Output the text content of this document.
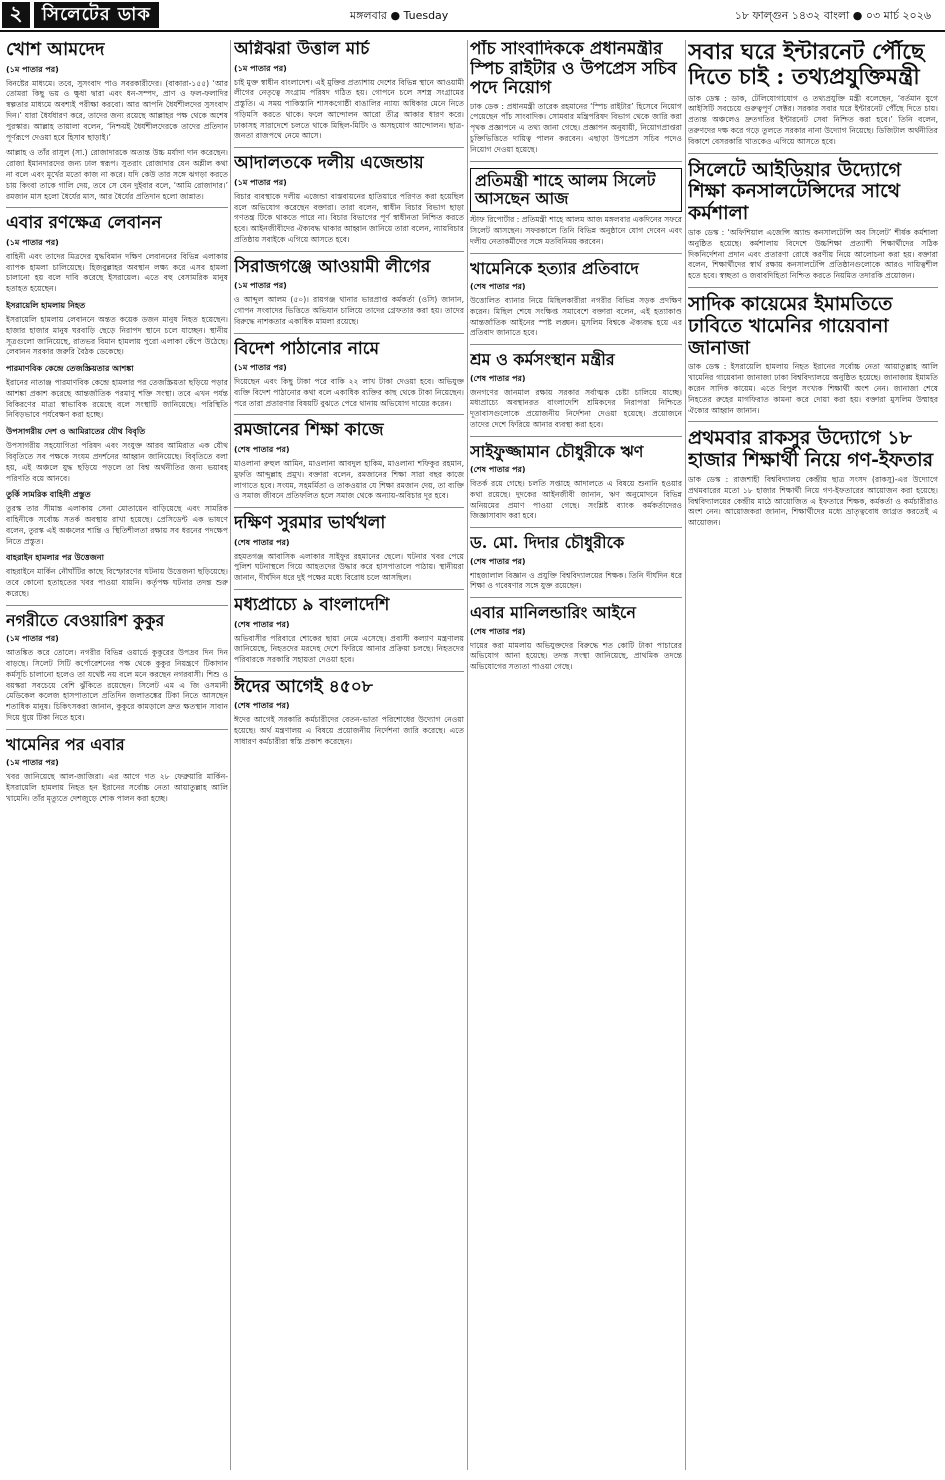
২	সিলেটের ডাক	মঙ্গলবার ● Tuesday	১৮ ফাল্গুন ১৪৩২ বাংলা ● ০৩ মার্চ ২০২৬
খোশ আমদেদ
(১ম পাতার পর)

বিনষ্টের মাধ্যমে। তবে, সুসংবাদ পাও সবরকারীদের। (বাকারা-১৫৫) ‘আর তোমরা কিছু ভয় ও ক্ষুধা দ্বারা এবং ধন-সম্পদ, প্রাণ ও ফল-ফলাদির স্বল্পতার মাধ্যমে অবশ্যই পরীক্ষা করবো। আর আপনি ধৈর্যশীলদের সুসংবাদ দিন।’ যারা ধৈর্যধারণ করে, তাদের জন্য রয়েছে আল্লাহর পক্ষ থেকে অশেষ পুরস্কার। আল্লাহ তায়ালা বলেন, ‘নিশ্চয়ই ধৈর্যশীলদেরকে তাদের প্রতিদান পূর্ণরূপে দেওয়া হবে হিসাব ছাড়াই।’

আল্লাহ ও তাঁর রাসুল (সা.) রোজাদারকে অত্যন্ত উচ্চ মর্যাদা দান করেছেন। রোজা ইমানদারদের জন্য ঢাল স্বরূপ। সুতরাং রোজাদার যেন অশ্লীল কথা না বলে এবং মূর্খের মতো কাজ না করে। যদি কেউ তার সঙ্গে ঝগড়া করতে চায় কিংবা তাকে গালি দেয়, তবে সে যেন দুইবার বলে, ‘আমি রোজাদার।’ রমজান মাস হলো ধৈর্যের মাস, আর ধৈর্যের প্রতিদান হলো জান্নাত।

এবার রণক্ষেত্র লেবানন
(১ম পাতার পর)

বাহিনী এবং তাদের মিত্রদের যুদ্ধবিমান দক্ষিণ লেবাননের বিভিন্ন এলাকায় ব্যাপক হামলা চালিয়েছে। হিজবুল্লাহর অবস্থান লক্ষ্য করে এসব হামলা চালানো হয় বলে দাবি করেছে ইসরায়েল। এতে বহু বেসামরিক মানুষ হতাহত হয়েছেন।

ইসরায়েলি হামলায় নিহত

ইসরায়েলি হামলায় লেবাননে অন্তত কয়েক ডজন মানুষ নিহত হয়েছেন। হাজার হাজার মানুষ ঘরবাড়ি ছেড়ে নিরাপদ স্থানে চলে যাচ্ছেন। স্থানীয় সূত্রগুলো জানিয়েছে, রাতভর বিমান হামলায় পুরো এলাকা কেঁপে উঠেছে। লেবানন সরকার জরুরি বৈঠক ডেকেছে।

পারমাণবিক কেন্দ্রে তেজস্ক্রিয়তার আশঙ্কা

ইরানের নাতাঞ্জ পারমাণবিক কেন্দ্রে হামলার পর তেজস্ক্রিয়তা ছড়িয়ে পড়ার আশঙ্কা প্রকাশ করেছে আন্তর্জাতিক পরমাণু শক্তি সংস্থা। তবে এখন পর্যন্ত বিকিরণের মাত্রা স্বাভাবিক রয়েছে বলে সংস্থাটি জানিয়েছে। পরিস্থিতি নিবিড়ভাবে পর্যবেক্ষণ করা হচ্ছে।

উপসাগরীয় দেশ ও আমিরাতের যৌথ বিবৃতি

উপসাগরীয় সহযোগিতা পরিষদ এবং সংযুক্ত আরব আমিরাত এক যৌথ বিবৃতিতে সব পক্ষকে সংযম প্রদর্শনের আহ্বান জানিয়েছে। বিবৃতিতে বলা হয়, এই অঞ্চলে যুদ্ধ ছড়িয়ে পড়লে তা বিশ্ব অর্থনীতির জন্য ভয়াবহ পরিণতি বয়ে আনবে।

তুর্কি সামরিক বাহিনী প্রস্তুত

তুরস্ক তার সীমান্ত এলাকায় সেনা মোতায়েন বাড়িয়েছে এবং সামরিক বাহিনীকে সর্বোচ্চ সতর্ক অবস্থায় রাখা হয়েছে। প্রেসিডেন্ট এক ভাষণে বলেন, তুরস্ক এই অঞ্চলের শান্তি ও স্থিতিশীলতা রক্ষায় সব ধরনের পদক্ষেপ নিতে প্রস্তুত।

বাহরাইন হামলার পর উত্তেজনা

বাহরাইনে মার্কিন নৌঘাঁটির কাছে বিস্ফোরণের ঘটনায় উত্তেজনা ছড়িয়েছে। তবে কোনো হতাহতের খবর পাওয়া যায়নি। কর্তৃপক্ষ ঘটনার তদন্ত শুরু করেছে।

নগরীতে বেওয়ারিশ কুকুর
(১ম পাতার পর)

আতঙ্কিত করে তোলে। নগরীর বিভিন্ন ওয়ার্ডে কুকুরের উপদ্রব দিন দিন বাড়ছে। সিলেট সিটি কর্পোরেশনের পক্ষ থেকে কুকুর নিয়ন্ত্রণে টিকাদান কর্মসূচি চালানো হলেও তা যথেষ্ট নয় বলে মনে করছেন নগরবাসী। শিশু ও বয়স্করা সবচেয়ে বেশি ঝুঁকিতে রয়েছেন। সিলেট এম এ জি ওসমানী মেডিকেল কলেজ হাসপাতালে প্রতিদিন জলাতঙ্কের টিকা নিতে আসছেন শতাধিক মানুষ। চিকিৎসকরা জানান, কুকুরে কামড়ালে দ্রুত ক্ষতস্থান সাবান দিয়ে ধুয়ে টিকা নিতে হবে।

খামেনির পর এবার
(১ম পাতার পর)

খবর জানিয়েছে আল-জাজিরা। এর আগে গত ২৮ ফেব্রুয়ারি মার্কিন-ইসরায়েলি হামলায় নিহত হন ইরানের সর্বোচ্চ নেতা আয়াতুল্লাহ আলি খামেনি। তাঁর মৃত্যুতে দেশজুড়ে শোক পালন করা হচ্ছে।

অগ্নিঝরা উত্তাল মার্চ
(১ম পাতার পর)

চাই মুক্ত স্বাধীন বাংলাদেশ। এই মুক্তির প্রত্যাশায় দেশের বিভিন্ন স্থানে আওয়ামী লীগের নেতৃত্বে সংগ্রাম পরিষদ গঠিত হয়। গোপনে চলে সশস্ত্র সংগ্রামের প্রস্তুতি। এ সময় পাকিস্তানি শাসকগোষ্ঠী বাঙালির ন্যায্য অধিকার মেনে নিতে গড়িমসি করতে থাকে। ফলে আন্দোলন আরো তীব্র আকার ধারণ করে। ঢাকাসহ সারাদেশে চলতে থাকে মিছিল-মিটিং ও অসহযোগ আন্দোলন। ছাত্র-জনতা রাজপথে নেমে আসে।

আদালতকে দলীয় এজেন্ডায়
(১ম পাতার পর)

বিচার ব্যবস্থাকে দলীয় এজেন্ডা বাস্তবায়নের হাতিয়ারে পরিণত করা হয়েছিল বলে অভিযোগ করেছেন বক্তারা। তারা বলেন, স্বাধীন বিচার বিভাগ ছাড়া গণতন্ত্র টিকে থাকতে পারে না। বিচার বিভাগের পূর্ণ স্বাধীনতা নিশ্চিত করতে হবে। আইনজীবীদের ঐক্যবদ্ধ থাকার আহ্বান জানিয়ে তারা বলেন, ন্যায়বিচার প্রতিষ্ঠায় সবাইকে এগিয়ে আসতে হবে।

সিরাজগঞ্জে আওয়ামী লীগের
(১ম পাতার পর)

ও আব্দুল আলম (৫০)। রায়গঞ্জ থানার ভারপ্রাপ্ত কর্মকর্তা (ওসি) জানান, গোপন সংবাদের ভিত্তিতে অভিযান চালিয়ে তাদের গ্রেফতার করা হয়। তাদের বিরুদ্ধে নাশকতার একাধিক মামলা রয়েছে।

বিদেশ পাঠানোর নামে
(১ম পাতার পর)

দিয়েছেন এবং কিছু টাকা পরে বাকি ২২ লাখ টাকা দেওয়া হবে। অভিযুক্ত ব্যক্তি বিদেশ পাঠানোর কথা বলে একাধিক ব্যক্তির কাছ থেকে টাকা নিয়েছেন। পরে তারা প্রতারণার বিষয়টি বুঝতে পেরে থানায় অভিযোগ দায়ের করেন।

রমজানের শিক্ষা কাজে
(শেষ পাতার পর)

মাওলানা রুহুল আমিন, মাওলানা আবদুল হাকিম, মাওলানা শফিকুর রহমান, মুফতি আব্দুল্লাহ প্রমুখ। বক্তারা বলেন, রমজানের শিক্ষা সারা বছর কাজে লাগাতে হবে। সংযম, সহমর্মিতা ও তাকওয়ার যে শিক্ষা রমজান দেয়, তা ব্যক্তি ও সমাজ জীবনে প্রতিফলিত হলে সমাজ থেকে অন্যায়-অবিচার দূর হবে।

দক্ষিণ সুরমার ভার্থখলা
(শেষ পাতার পর)

রহমতগঞ্জ আবাসিক এলাকার সাইফুর রহমানের ছেলে। ঘটনার খবর পেয়ে পুলিশ ঘটনাস্থলে গিয়ে আহতদের উদ্ধার করে হাসপাতালে পাঠায়। স্থানীয়রা জানান, দীর্ঘদিন ধরে দুই পক্ষের মধ্যে বিরোধ চলে আসছিল।

মধ্যপ্রাচ্যে ৯ বাংলাদেশি
(শেষ পাতার পর)

অভিবাসীর পরিবারে শোকের ছায়া নেমে এসেছে। প্রবাসী কল্যাণ মন্ত্রণালয় জানিয়েছে, নিহতদের মরদেহ দেশে ফিরিয়ে আনার প্রক্রিয়া চলছে। নিহতদের পরিবারকে সরকারি সহায়তা দেওয়া হবে।

ঈদের আগেই ৪৫০৮
(শেষ পাতার পর)

ঈদের আগেই সরকারি কর্মচারীদের বেতন-ভাতা পরিশোধের উদ্যোগ নেওয়া হয়েছে। অর্থ মন্ত্রণালয় এ বিষয়ে প্রয়োজনীয় নির্দেশনা জারি করেছে। এতে সাধারণ কর্মচারীরা স্বস্তি প্রকাশ করেছেন।

পাঁচ সাংবাদিককে প্রধানমন্ত্রীর স্পিচ রাইটার ও উপপ্রেস সচিব পদে নিয়োগ

ঢাক ডেক : প্রধানমন্ত্রী তারেক রহমানের ‘স্পিচ রাইটার’ হিসেবে নিয়োগ পেয়েছেন পাঁচ সাংবাদিক। সোমবার মন্ত্রিপরিষদ বিভাগ থেকে জারি করা পৃথক প্রজ্ঞাপনে এ তথ্য জানা গেছে। প্রজ্ঞাপন অনুযায়ী, নিয়োগপ্রাপ্তরা চুক্তিভিত্তিতে দায়িত্ব পালন করবেন। এছাড়া উপপ্রেস সচিব পদেও নিয়োগ দেওয়া হয়েছে।

প্রতিমন্ত্রী শাহে আলম সিলেট আসছেন আজ

স্টাফ রিপোর্টার : প্রতিমন্ত্রী শাহে আলম আজ মঙ্গলবার একদিনের সফরে সিলেট আসছেন। সফরকালে তিনি বিভিন্ন অনুষ্ঠানে যোগ দেবেন এবং দলীয় নেতাকর্মীদের সঙ্গে মতবিনিময় করবেন।

খামেনিকে হত্যার প্রতিবাদে
(শেষ পাতার পর)

উত্তোলিত ব্যানার নিয়ে মিছিলকারীরা নগরীর বিভিন্ন সড়ক প্রদক্ষিণ করেন। মিছিল শেষে সংক্ষিপ্ত সমাবেশে বক্তারা বলেন, এই হত্যাকাণ্ড আন্তর্জাতিক আইনের স্পষ্ট লঙ্ঘন। মুসলিম বিশ্বকে ঐক্যবদ্ধ হয়ে এর প্রতিবাদ জানাতে হবে।

শ্রম ও কর্মসংস্থান মন্ত্রীর
(শেষ পাতার পর)

জনগণের জানমাল রক্ষায় সরকার সর্বাত্মক চেষ্টা চালিয়ে যাচ্ছে। মধ্যপ্রাচ্যে অবস্থানরত বাংলাদেশি শ্রমিকদের নিরাপত্তা নিশ্চিতে দূতাবাসগুলোকে প্রয়োজনীয় নির্দেশনা দেওয়া হয়েছে। প্রয়োজনে তাদের দেশে ফিরিয়ে আনার ব্যবস্থা করা হবে।

সাইফুজ্জামান চৌধুরীকে ঋণ
(শেষ পাতার পর)

বিতর্ক রয়ে গেছে। চলতি সপ্তাহে আদালতে এ বিষয়ে শুনানি হওয়ার কথা রয়েছে। দুদকের আইনজীবী জানান, ঋণ অনুমোদনে বিভিন্ন অনিয়মের প্রমাণ পাওয়া গেছে। সংশ্লিষ্ট ব্যাংক কর্মকর্তাদেরও জিজ্ঞাসাবাদ করা হবে।

ড. মো. দিদার চৌধুরীকে
(শেষ পাতার পর)

শাহজালাল বিজ্ঞান ও প্রযুক্তি বিশ্ববিদ্যালয়ের শিক্ষক। তিনি দীর্ঘদিন ধরে শিক্ষা ও গবেষণার সঙ্গে যুক্ত রয়েছেন।

এবার মানিলন্ডারিং আইনে
(শেষ পাতার পর)

দায়ের করা মামলায় অভিযুক্তদের বিরুদ্ধে শত কোটি টাকা পাচারের অভিযোগ আনা হয়েছে। তদন্ত সংস্থা জানিয়েছে, প্রাথমিক তদন্তে অভিযোগের সত্যতা পাওয়া গেছে।

সবার ঘরে ইন্টারনেট পৌঁছে দিতে চাই : তথ্যপ্রযুক্তিমন্ত্রী

ডাক ডেস্ক : ডাক, টেলিযোগাযোগ ও তথ্যপ্রযুক্তি মন্ত্রী বলেছেন, ‘বর্তমান যুগে আইসিটি সবচেয়ে গুরুত্বপূর্ণ সেক্টর। সরকার সবার ঘরে ইন্টারনেট পৌঁছে দিতে চায়। প্রত্যন্ত অঞ্চলেও দ্রুতগতির ইন্টারনেট সেবা নিশ্চিত করা হবে।’ তিনি বলেন, তরুণদের দক্ষ করে গড়ে তুলতে সরকার নানা উদ্যোগ নিয়েছে। ডিজিটাল অর্থনীতির বিকাশে বেসরকারি খাতকেও এগিয়ে আসতে হবে।

সিলেটে আইডিয়ার উদ্যোগে শিক্ষা কনসালটেন্সিদের সাথে কর্মশালা

ডাক ডেস্ক : ‘অফিশিয়াল এজেন্সি অ্যান্ড কনসালটেন্সি অব সিলেট’ শীর্ষক কর্মশালা অনুষ্ঠিত হয়েছে। কর্মশালায় বিদেশে উচ্চশিক্ষা প্রত্যাশী শিক্ষার্থীদের সঠিক দিকনির্দেশনা প্রদান এবং প্রতারণা রোধে করণীয় নিয়ে আলোচনা করা হয়। বক্তারা বলেন, শিক্ষার্থীদের স্বার্থ রক্ষায় কনসালটেন্সি প্রতিষ্ঠানগুলোকে আরও দায়িত্বশীল হতে হবে। স্বচ্ছতা ও জবাবদিহিতা নিশ্চিত করতে নিয়মিত তদারকি প্রয়োজন।

সাদিক কায়েমের ইমামতিতে ঢাবিতে খামেনির গায়েবানা জানাজা

ডাক ডেস্ক : ইসরায়েলি হামলায় নিহত ইরানের সর্বোচ্চ নেতা আয়াতুল্লাহ আলি খামেনির গায়েবানা জানাজা ঢাকা বিশ্ববিদ্যালয়ে অনুষ্ঠিত হয়েছে। জানাজায় ইমামতি করেন সাদিক কায়েম। এতে বিপুল সংখ্যক শিক্ষার্থী অংশ নেন। জানাজা শেষে নিহতের রুহের মাগফিরাত কামনা করে দোয়া করা হয়। বক্তারা মুসলিম উম্মাহর ঐক্যের আহ্বান জানান।

প্রথমবার রাকসুর উদ্যোগে ১৮ হাজার শিক্ষার্থী নিয়ে গণ-ইফতার

ডাক ডেস্ক : রাজশাহী বিশ্ববিদ্যালয় কেন্দ্রীয় ছাত্র সংসদ (রাকসু)-এর উদ্যোগে প্রথমবারের মতো ১৮ হাজার শিক্ষার্থী নিয়ে গণ-ইফতারের আয়োজন করা হয়েছে। বিশ্ববিদ্যালয়ের কেন্দ্রীয় মাঠে আয়োজিত এ ইফতারে শিক্ষক, কর্মকর্তা ও কর্মচারীরাও অংশ নেন। আয়োজকরা জানান, শিক্ষার্থীদের মধ্যে ভ্রাতৃত্ববোধ জাগ্রত করতেই এ আয়োজন।
